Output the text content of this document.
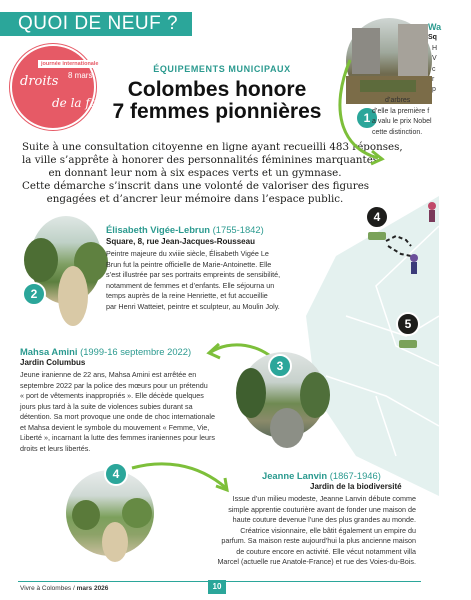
QUOI DE NEUF ?
journée internationale
droits 8 mars
de la femme
ÉQUIPEMENTS MUNICIPAUX
Colombes honore
7 femmes pionnières
Suite à une consultation citoyenne en ligne ayant recueilli 483 réponses,
la ville s’apprête à honorer des personnalités féminines marquantes
en donnant leur nom à six espaces verts et un gymnase.
Cette démarche s’inscrit dans une volonté de valoriser des figures
engagées et d’ancrer leur mémoire dans l’espace public.
1
Wa
Sq
H
V
c
r
p
d’arbres
d’elle la première f
a valu le prix Nobel
cette distinction.
4
5
2
Élisabeth Vigée-Lebrun (1755-1842)
Square, 8, rue Jean-Jacques-Rousseau
Peintre majeure du xviiie siècle, Élisabeth Vigée Le
Brun fut la peintre officielle de Marie-Antoinette. Elle
s’est illustrée par ses portraits empreints de sensibilité,
notamment de femmes et d’enfants. Elle séjourna un
temps auprès de la reine Henriette, et fut accueillie
par Henri Watteiet, peintre et sculpteur, au Moulin Joly.
Mahsa Amini (1999-16 septembre 2022)
Jardin Columbus
Jeune iranienne de 22 ans, Mahsa Amini est arrêtée en
septembre 2022 par la police des mœurs pour un prétendu
« port de vêtements inappropriés ». Elle décède quelques
jours plus tard à la suite de violences subies durant sa
détention. Sa mort provoque une onde de choc internationale
et Mahsa devient le symbole du mouvement « Femme, Vie,
Liberté », incarnant la lutte des femmes iraniennes pour leurs
droits et leurs libertés.
3
4	Jeanne Lanvin (1867-1946)
Jardin de la biodiversité
Issue d’un milieu modeste, Jeanne Lanvin débute comme
simple apprentie couturière avant de fonder une maison de
haute couture devenue l’une des plus grandes au monde.
Créatrice visionnaire, elle bâtit également un empire du
parfum. Sa maison reste aujourd’hui la plus ancienne maison
de couture encore en activité. Elle vécut notamment villa
Marcel (actuelle rue Anatole-France) et rue des Voies-du-Bois.
Vivre à Colombes / mars 2026	10
